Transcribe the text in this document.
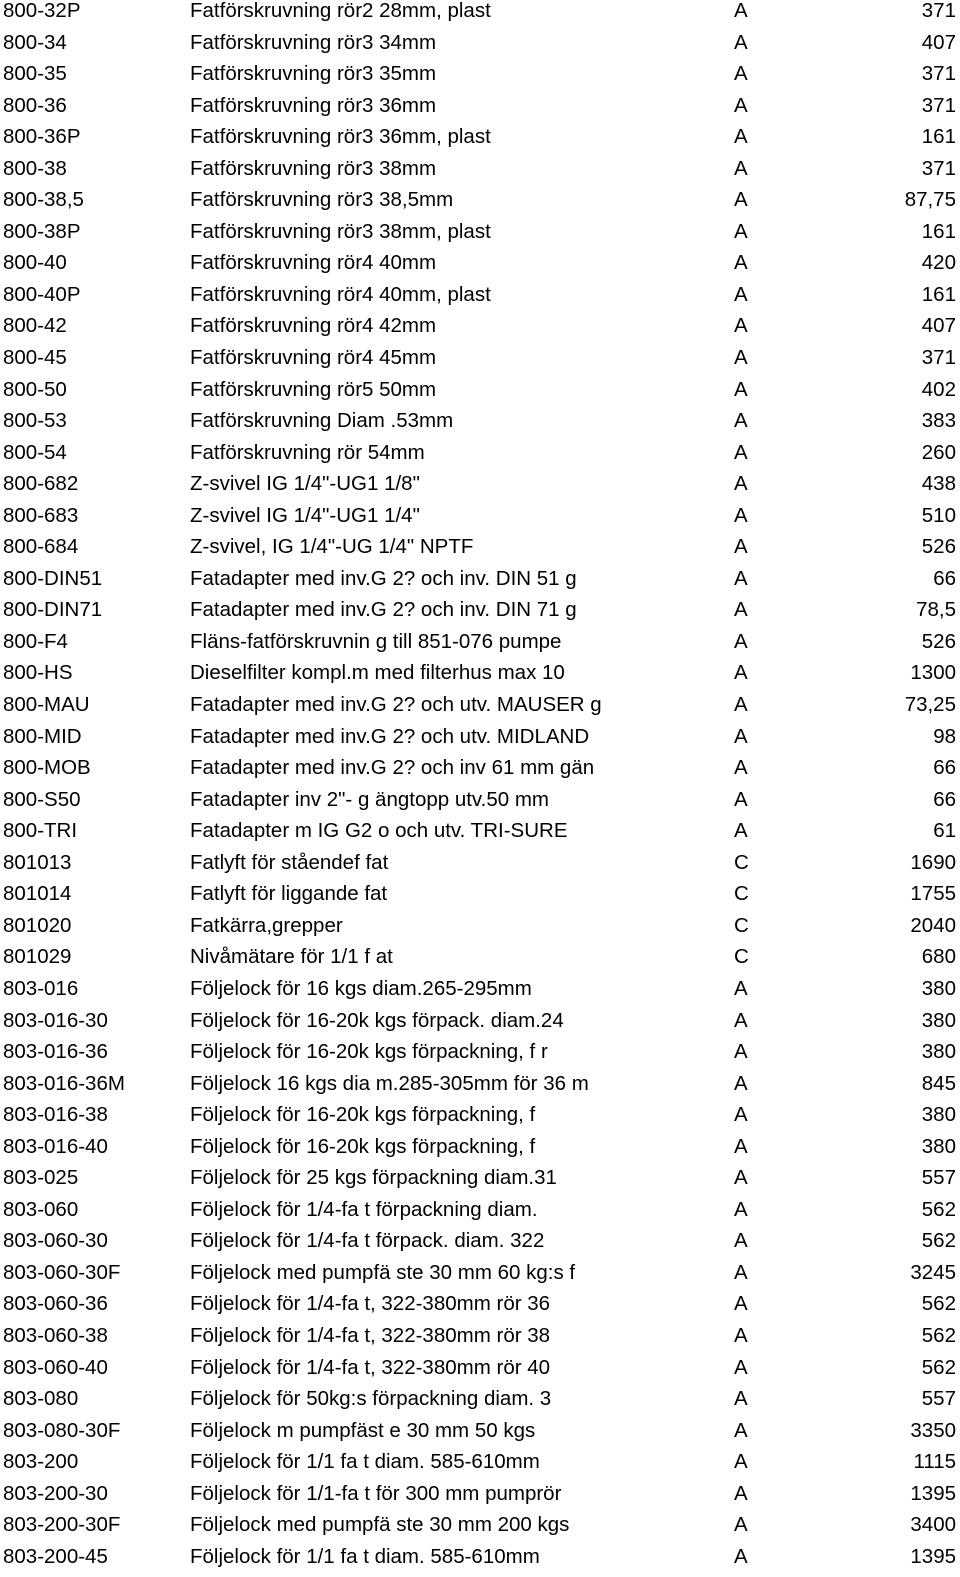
800-32P	Fatförskruvning rör2 28mm, plast	A	371
800-34	Fatförskruvning rör3 34mm	A	407
800-35	Fatförskruvning rör3 35mm	A	371
800-36	Fatförskruvning rör3 36mm	A	371
800-36P	Fatförskruvning rör3 36mm, plast	A	161
800-38	Fatförskruvning rör3 38mm	A	371
800-38,5	Fatförskruvning rör3 38,5mm	A	87,75
800-38P	Fatförskruvning rör3 38mm, plast	A	161
800-40	Fatförskruvning rör4 40mm	A	420
800-40P	Fatförskruvning rör4 40mm, plast	A	161
800-42	Fatförskruvning rör4 42mm	A	407
800-45	Fatförskruvning rör4 45mm	A	371
800-50	Fatförskruvning rör5 50mm	A	402
800-53	Fatförskruvning Diam .53mm	A	383
800-54	Fatförskruvning rör 54mm	A	260
800-682	Z-svivel IG 1/4"-UG1 1/8"	A	438
800-683	Z-svivel IG 1/4"-UG1 1/4"	A	510
800-684	Z-svivel, IG 1/4"-UG 1/4" NPTF	A	526
800-DIN51	Fatadapter med inv.G 2? och inv. DIN 51 g	A	66
800-DIN71	Fatadapter med inv.G 2? och inv. DIN 71 g	A	78,5
800-F4	Fläns-fatförskruvnin g till 851-076 pumpe	A	526
800-HS	Dieselfilter kompl.m med filterhus max 10	A	1300
800-MAU	Fatadapter med inv.G 2? och utv. MAUSER g	A	73,25
800-MID	Fatadapter med inv.G 2? och utv. MIDLAND	A	98
800-MOB	Fatadapter med inv.G 2? och inv 61 mm gän	A	66
800-S50	Fatadapter inv 2"- g ängtopp utv.50 mm	A	66
800-TRI	Fatadapter m IG G2 o och utv. TRI-SURE	A	61
801013	Fatlyft för ståendef fat	C	1690
801014	Fatlyft för liggande fat	C	1755
801020	Fatkärra,grepper	C	2040
801029	Nivåmätare för 1/1 f at	C	680
803-016	Följelock för 16 kgs diam.265-295mm	A	380
803-016-30	Följelock för 16-20k kgs förpack. diam.24	A	380
803-016-36	Följelock för 16-20k kgs förpackning, f r	A	380
803-016-36M	Följelock 16 kgs dia m.285-305mm för 36 m	A	845
803-016-38	Följelock för 16-20k kgs förpackning, f	A	380
803-016-40	Följelock för 16-20k kgs förpackning, f	A	380
803-025	Följelock för 25 kgs förpackning diam.31	A	557
803-060	Följelock för 1/4-fa t förpackning diam.	A	562
803-060-30	Följelock för 1/4-fa t förpack. diam. 322	A	562
803-060-30F	Följelock med pumpfä ste 30 mm 60 kg:s f	A	3245
803-060-36	Följelock för 1/4-fa t, 322-380mm rör 36	A	562
803-060-38	Följelock för 1/4-fa t, 322-380mm rör 38	A	562
803-060-40	Följelock för 1/4-fa t, 322-380mm rör 40	A	562
803-080	Följelock för 50kg:s förpackning diam. 3	A	557
803-080-30F	Följelock m pumpfäst e 30 mm 50 kgs	A	3350
803-200	Följelock för 1/1 fa t diam. 585-610mm	A	1115
803-200-30	Följelock för 1/1-fa t för 300 mm pumprör	A	1395
803-200-30F	Följelock med pumpfä ste 30 mm 200 kgs	A	3400
803-200-45	Följelock för 1/1 fa t diam. 585-610mm	A	1395
